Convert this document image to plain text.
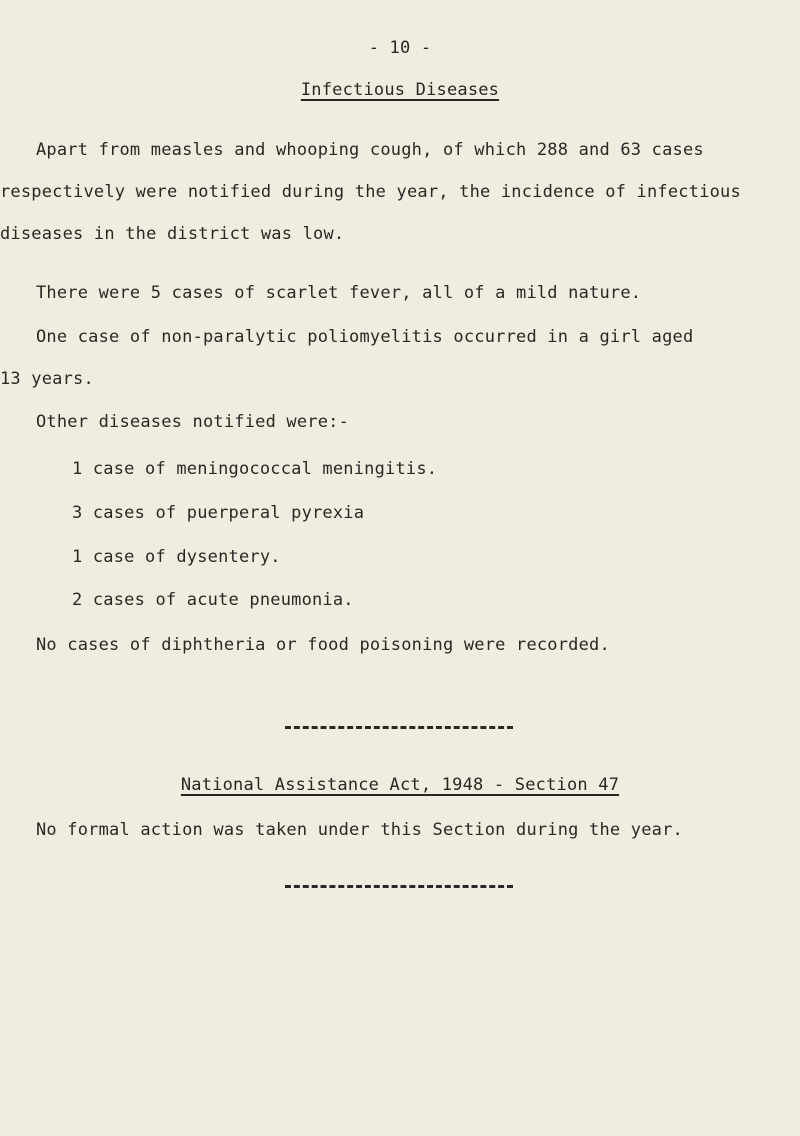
- 10 -
Infectious Diseases
Apart from measles and whooping cough, of which 288 and 63 cases
respectively were notified during the year, the incidence of infectious
diseases in the district was low.
There were 5 cases of scarlet fever, all of a mild nature.
One case of non-paralytic poliomyelitis occurred in a girl aged
13 years.
Other diseases notified were:-
1 case of meningococcal meningitis.
3 cases of puerperal pyrexia
1 case of dysentery.
2 cases of acute pneumonia.
No cases of diphtheria or food poisoning were recorded.
National Assistance Act, 1948 - Section 47
No formal action was taken under this Section during the year.
